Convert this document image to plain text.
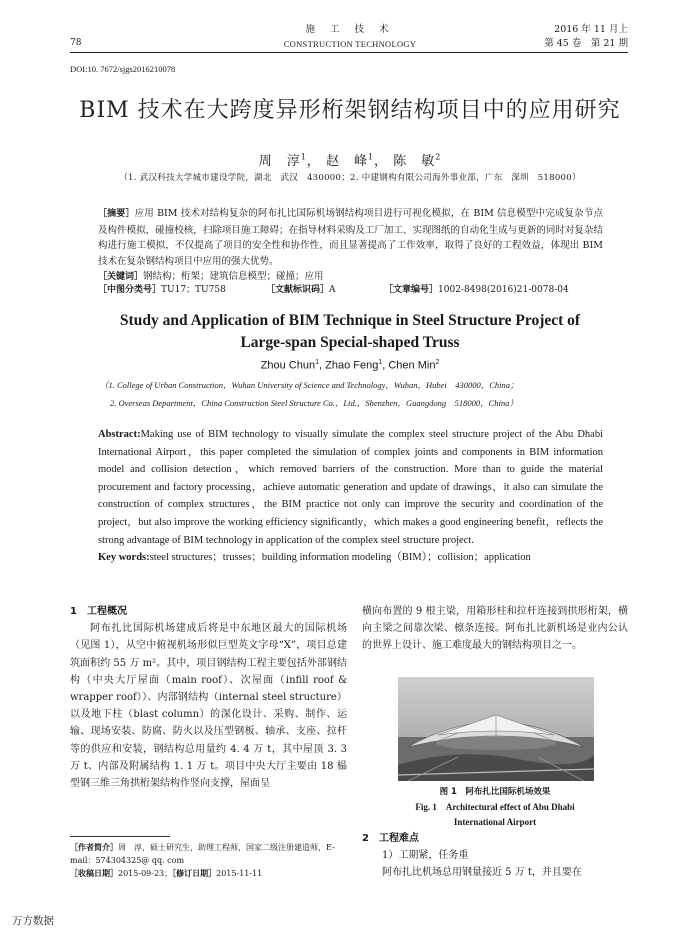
78
施 工 技 术
CONSTRUCTION TECHNOLOGY
2016 年 11 月上
第 45 卷　第 21 期
DOI:10. 7672/sjgs2016210078
BIM 技术在大跨度异形桁架钢结构项目中的应用研究
周　淳$^1$， 赵　峰$^1$， 陈　敏$^2$
（1. 武汉科技大学城市建设学院，湖北　武汉　430000；2. 中建钢构有限公司海外事业部，广东　深圳　518000）

［摘要］应用 BIM 技术对结构复杂的阿布扎比国际机场钢结构项目进行可视化模拟，在 BIM 信息模型中完成复杂节点及构件模拟，碰撞校核，扫除项目施工障碍；在指导材料采购及工厂加工、实现图纸的自动化生成与更新的同时对复杂结构进行施工模拟，不仅提高了项目的安全性和协作性，而且显著提高了工作效率，取得了良好的工程效益，体现出 BIM 技术在复杂钢结构项目中应用的强大优势。

［关键词］钢结构；桁架；建筑信息模型；碰撞；应用

［中图分类号］TU17；TU758	［文献标识码］A	［文章编号］1002-8498(2016)21-0078-04
Study and Application of BIM Technique in Steel Structure Project of
Large-span Special-shaped Truss
Zhou Chun$^1$, Zhao Feng$^1$, Chen Min$^2$
（1. College of Urban Construction，Wuhan University of Science and Technology，Wuhan，Hubei　430000，China；
2. Overseas Department，China Construction Steel Structure Co.，Ltd.，Shenzhen，Guangdong　518000，China）
Abstract:Making use of BIM technology to visually simulate the complex steel structure project of the Abu Dhabi International Airport，this paper completed the simulation of complex joints and components in BIM information model and collision detection，which removed barriers of the construction. More than to guide the material procurement and factory processing，achieve automatic generation and update of drawings，it also can simulate the construction of complex structures，the BIM practice not only can improve the security and coordination of the project，but also improve the working efficiency significantly，which makes a good engineering benefit，reflects the strong advantage of BIM technology in application of the complex steel structure project.
Key words:steel structures；trusses；building information modeling（BIM）；collision；application
1　工程概况
阿布扎比国际机场建成后将是中东地区最大的国际机场（见图 1），从空中俯视机场形似巨型英文字母“X”，项目总建筑面积约 55 万 m²。其中，项目钢结构工程主要包括外部钢结构（中央大厅屋面（main roof）、次屋面（infill roof & wrapper roof））、内部钢结构（internal steel structure）以及地下柱（blast column）的深化设计、采购、制作、运输、现场安装、防腐、防火以及压型钢板、轴承、支座、拉杆等的供应和安装，钢结构总用量约 4. 4 万 t，其中屋顶 3. 3 万 t、内部及附属结构 1. 1 万 t。项目中央大厅主要由 18 榀型钢三维三角拱桁架结构作竖向支撑，屋面呈
横向布置的 9 根主梁，用箱形柱和拉杆连接到拱形桁架，横向主梁之间靠次梁、檩条连接。阿布扎比新机场是业内公认的世界上设计、施工难度最大的钢结构项目之一。
图 1　阿布扎比国际机场效果
Fig. 1　Architectural effect of Abu Dhabi
International Airport
2　工程难点
1）工期紧，任务重
阿布扎比机场总用钢量接近 5 万 t，并且要在
［作者简介］周　淳，硕士研究生，助理工程师，国家二级注册建造师，E-mail：574304325@ qq. com
［收稿日期］2015-09-23；［修订日期］2015-11-11
万方数据
